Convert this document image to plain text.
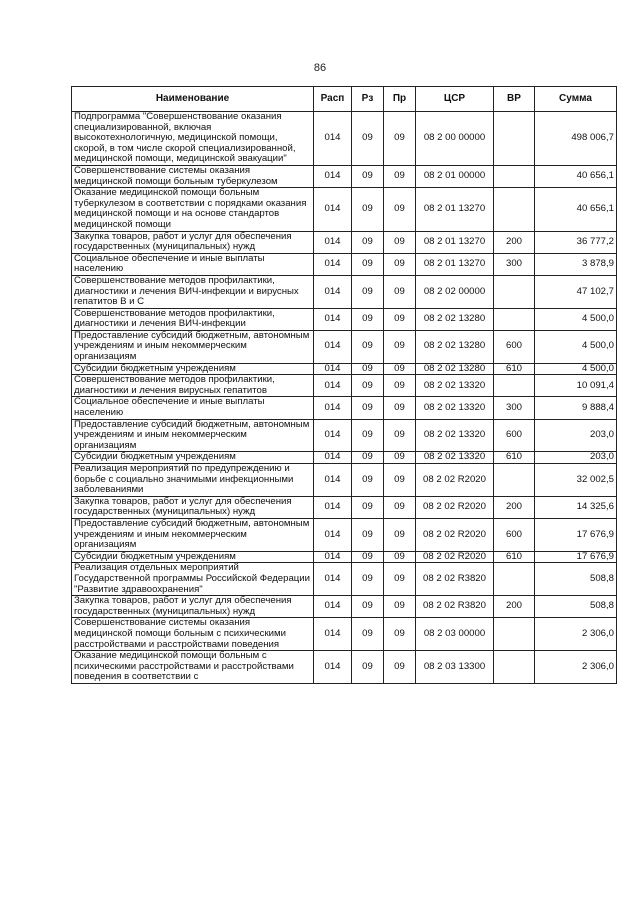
86
Наименование	Расп	Рз	Пр	ЦСР	ВР	Сумма
Подпрограмма "Совершенствование оказания специализированной, включая высокотехнологичную, медицинской помощи, скорой, в том числе скорой специализированной, медицинской помощи, медицинской эвакуации"	014	09	09	08 2 00 00000		498 006,7
Совершенствование системы оказания медицинской помощи больным туберкулезом	014	09	09	08 2 01 00000		40 656,1
Оказание медицинской помощи больным туберкулезом в соответствии с порядками оказания медицинской помощи и на основе стандартов медицинской помощи	014	09	09	08 2 01 13270		40 656,1
Закупка товаров, работ и услуг для обеспечения государственных (муниципальных) нужд	014	09	09	08 2 01 13270	200	36 777,2
Социальное обеспечение и иные выплаты населению	014	09	09	08 2 01 13270	300	3 878,9
Совершенствование методов профилактики, диагностики и лечения ВИЧ-инфекции и вирусных гепатитов B и C	014	09	09	08 2 02 00000		47 102,7
Совершенствование методов профилактики, диагностики и лечения ВИЧ-инфекции	014	09	09	08 2 02 13280		4 500,0
Предоставление субсидий бюджетным, автономным учреждениям и иным некоммерческим организациям	014	09	09	08 2 02 13280	600	4 500,0
Субсидии бюджетным учреждениям	014	09	09	08 2 02 13280	610	4 500,0
Совершенствование методов профилактики, диагностики и лечения вирусных гепатитов	014	09	09	08 2 02 13320		10 091,4
Социальное обеспечение и иные выплаты населению	014	09	09	08 2 02 13320	300	9 888,4
Предоставление субсидий бюджетным, автономным учреждениям и иным некоммерческим организациям	014	09	09	08 2 02 13320	600	203,0
Субсидии бюджетным учреждениям	014	09	09	08 2 02 13320	610	203,0
Реализация мероприятий по предупреждению и борьбе с социально значимыми инфекционными заболеваниями	014	09	09	08 2 02 R2020		32 002,5
Закупка товаров, работ и услуг для обеспечения государственных (муниципальных) нужд	014	09	09	08 2 02 R2020	200	14 325,6
Предоставление субсидий бюджетным, автономным учреждениям и иным некоммерческим организациям	014	09	09	08 2 02 R2020	600	17 676,9
Субсидии бюджетным учреждениям	014	09	09	08 2 02 R2020	610	17 676,9
Реализация отдельных мероприятий Государственной программы Российской Федерации "Развитие здравоохранения"	014	09	09	08 2 02 R3820		508,8
Закупка товаров, работ и услуг для обеспечения государственных (муниципальных) нужд	014	09	09	08 2 02 R3820	200	508,8
Совершенствование системы оказания медицинской помощи больным с психическими расстройствами и расстройствами поведения	014	09	09	08 2 03 00000		2 306,0
Оказание медицинской помощи больным с психическими расстройствами и расстройствами поведения в соответствии с	014	09	09	08 2 03 13300		2 306,0
